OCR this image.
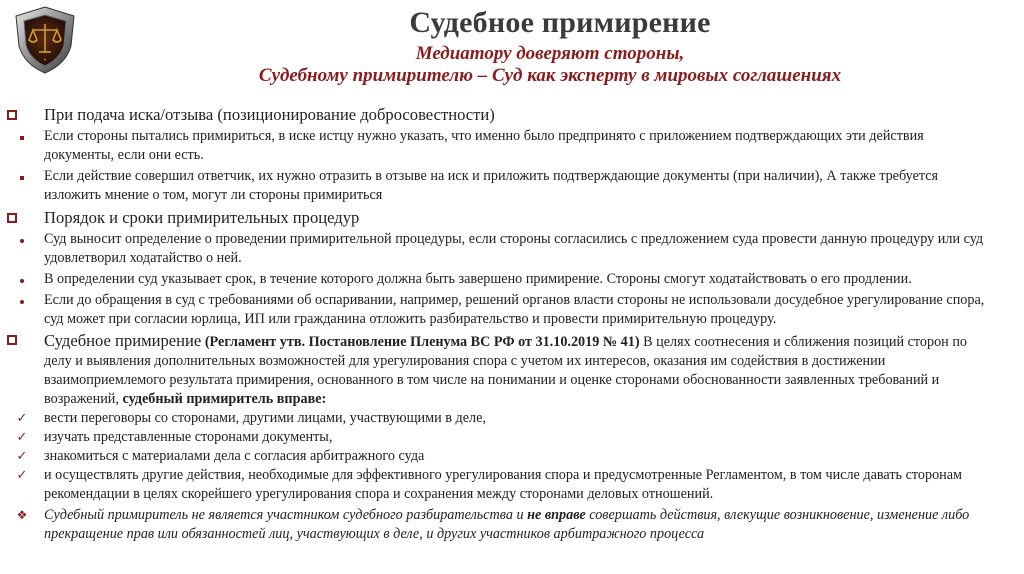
•
Судебное примирение

Медиатору доверяют стороны,

Судебному примирителю – Суд как эксперту в мировых соглашениях

При подача иска/отзыва (позиционирование добросовестности)
Если стороны пытались примириться, в иске истцу нужно указать, что именно было предпринято с приложением подтверждающих эти действия документы, если они есть.
Если действие совершил ответчик, их нужно отразить в отзыве на иск и приложить подтверждающие документы (при наличии), А также требуется изложить мнение о том, могут ли стороны примириться
Порядок и сроки примирительных процедур
Суд выносит определение о проведении примирительной процедуры, если стороны согласились с предложением суда провести данную процедуру или суд удовлетворил ходатайство о ней.
В определении суд указывает срок, в течение которого должна быть завершено примирение. Стороны смогут ходатайствовать о его продлении.
Если до обращения в суд с требованиями об оспаривании, например, решений органов власти стороны не использовали досудебное урегулирование спора, суд может при согласии юрлица, ИП или гражданина отложить разбирательство и провести примирительную процедуру.
Судебное примирение (Регламент утв. Постановление Пленума ВС РФ от 31.10.2019 № 41) В целях соотнесения и сближения позиций сторон по делу и выявления дополнительных возможностей для урегулирования спора с учетом их интересов, оказания им содействия в достижении взаимоприемлемого результата примирения, основанного в том числе на понимании и оценке сторонами обоснованности заявленных требований и возражений, судебный примиритель вправе:
✓	вести переговоры со сторонами, другими лицами, участвующими в деле,
✓	изучать представленные сторонами документы,
✓	знакомиться с материалами дела с согласия арбитражного суда
✓	и осуществлять другие действия, необходимые для эффективного урегулирования спора и предусмотренные Регламентом, в том числе давать сторонам рекомендации в целях скорейшего урегулирования спора и сохранения между сторонами деловых отношений.
❖	Судебный примиритель не является участником судебного разбирательства и не вправе совершать действия, влекущие возникновение, изменение либо прекращение прав или обязанностей лиц, участвующих в деле, и других участников арбитражного процесса
